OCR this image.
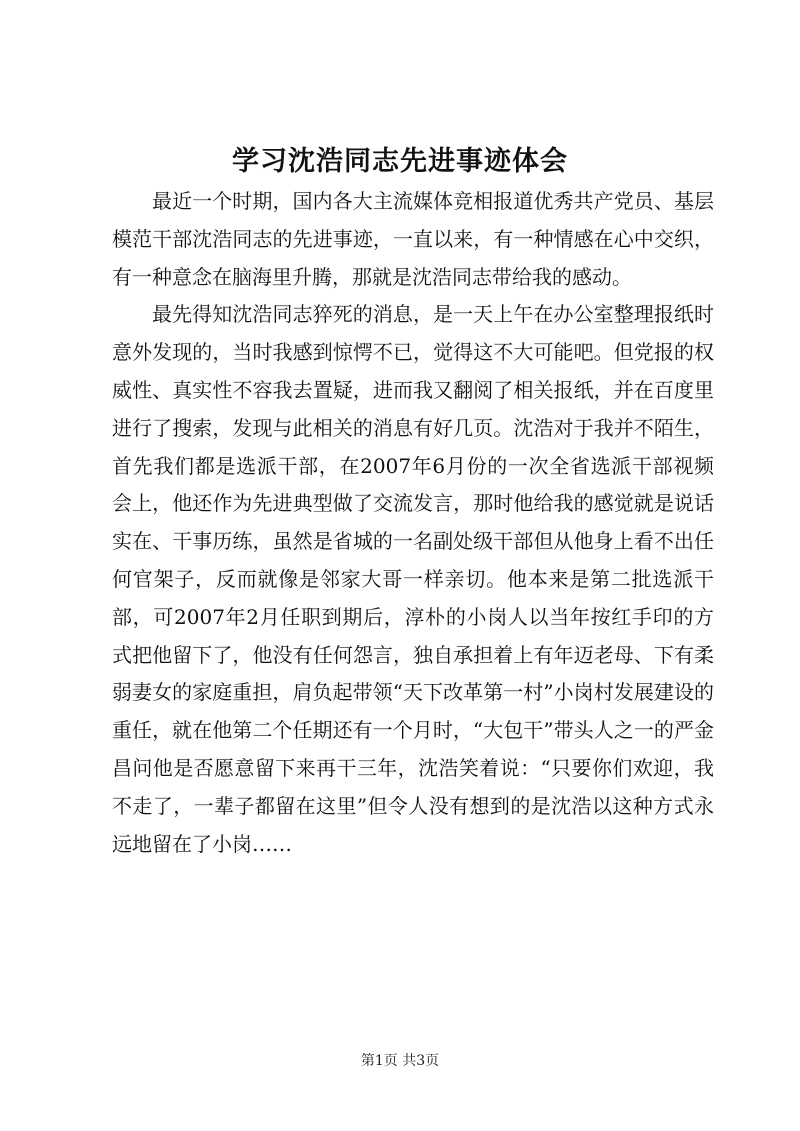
学习沈浩同志先进事迹体会

最近一个时期，国内各大主流媒体竞相报道优秀共产党员、基层模范干部沈浩同志的先进事迹，一直以来，有一种情感在心中交织，有一种意念在脑海里升腾，那就是沈浩同志带给我的感动。

最先得知沈浩同志猝死的消息，是一天上午在办公室整理报纸时意外发现的，当时我感到惊愕不已，觉得这不大可能吧。但党报的权威性、真实性不容我去置疑，进而我又翻阅了相关报纸，并在百度里进行了搜索，发现与此相关的消息有好几页。沈浩对于我并不陌生，首先我们都是选派干部，在2007年6月份的一次全省选派干部视频会上，他还作为先进典型做了交流发言，那时他给我的感觉就是说话实在、干事历练，虽然是省城的一名副处级干部但从他身上看不出任何官架子，反而就像是邻家大哥一样亲切。他本来是第二批选派干部，可2007年2月任职到期后，淳朴的小岗人以当年按红手印的方式把他留下了，他没有任何怨言，独自承担着上有年迈老母、下有柔弱妻女的家庭重担，肩负起带领“天下改革第一村”小岗村发展建设的重任，就在他第二个任期还有一个月时，“大包干”带头人之一的严金昌问他是否愿意留下来再干三年，沈浩笑着说：“只要你们欢迎，我不走了，一辈子都留在这里”但令人没有想到的是沈浩以这种方式永远地留在了小岗……

第1页 共3页
